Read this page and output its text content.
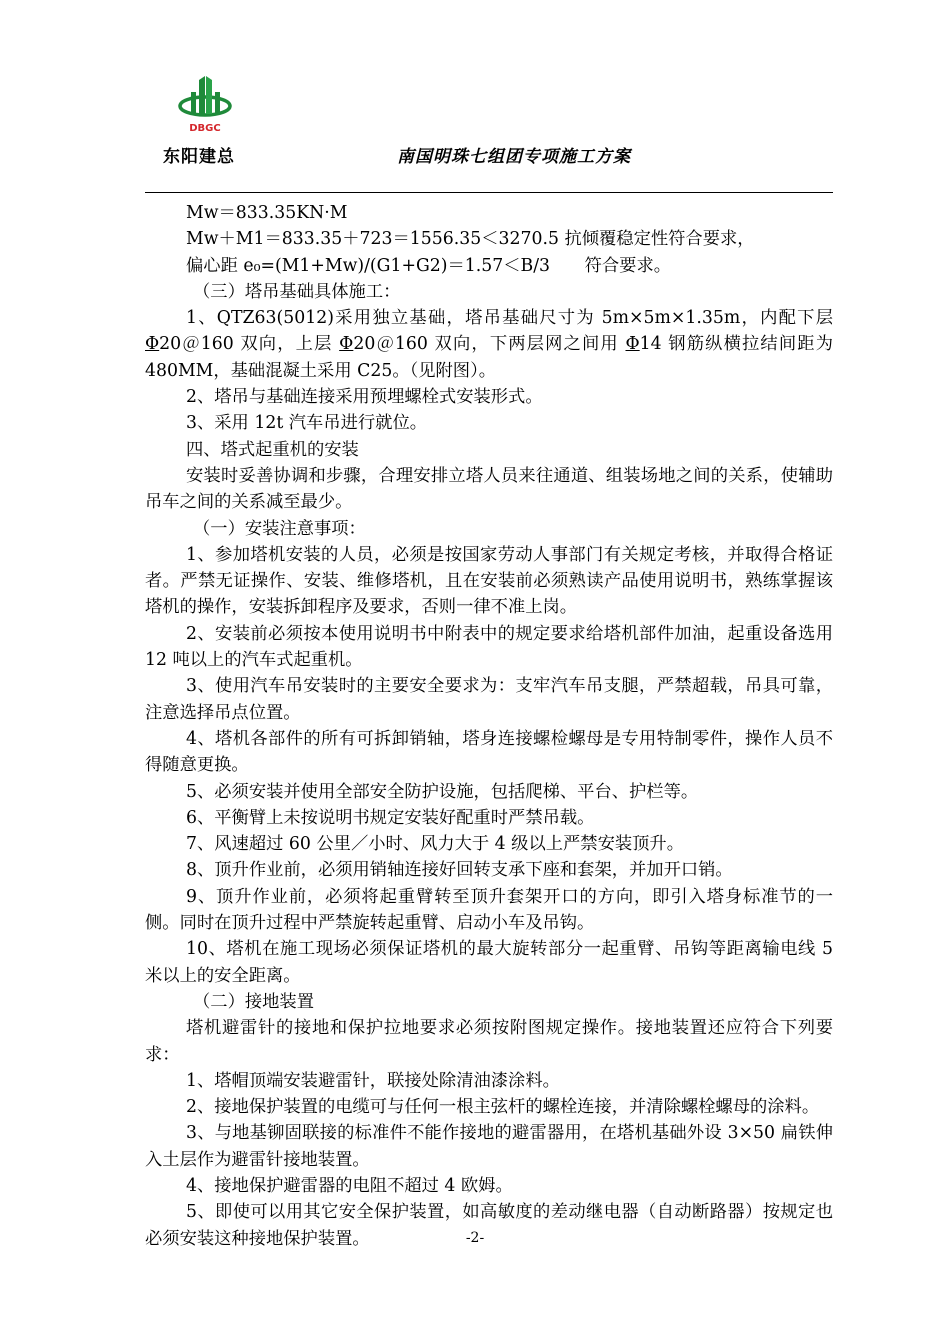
DBGC
东阳建总	南国明珠七组团专项施工方案

Mw＝833.35KN·M

Mw＋M1＝833.35＋723＝1556.35＜3270.5 抗倾覆稳定性符合要求，

偏心距 e₀=(M1+Mw)/(G1+G2)＝1.57＜B/3　　符合要求。

（三）塔吊基础具体施工：

1、QTZ63(5012)采用独立基础，塔吊基础尺寸为 5m×5m×1.35m，内配下层 Φ20＠160 双向，上层 Φ20＠160 双向，下两层网之间用 Φ14 钢筋纵横拉结间距为 480MM，基础混凝土采用 C25。（见附图）。

2、塔吊与基础连接采用预埋螺栓式安装形式。

3、采用 12t 汽车吊进行就位。

四、塔式起重机的安装

安装时妥善协调和步骤，合理安排立塔人员来往通道、组装场地之间的关系，使辅助吊车之间的关系减至最少。

（一）安装注意事项：

1、参加塔机安装的人员，必须是按国家劳动人事部门有关规定考核，并取得合格证者。严禁无证操作、安装、维修塔机，且在安装前必须熟读产品使用说明书，熟练掌握该塔机的操作，安装拆卸程序及要求，否则一律不准上岗。

2、安装前必须按本使用说明书中附表中的规定要求给塔机部件加油，起重设备选用 12 吨以上的汽车式起重机。

3、使用汽车吊安装时的主要安全要求为：支牢汽车吊支腿，严禁超载，吊具可靠，注意选择吊点位置。

4、塔机各部件的所有可拆卸销轴，塔身连接螺检螺母是专用特制零件，操作人员不得随意更换。

5、必须安装并使用全部安全防护设施，包括爬梯、平台、护栏等。

6、平衡臂上未按说明书规定安装好配重时严禁吊载。

7、风速超过 60 公里／小时、风力大于 4 级以上严禁安装顶升。

8、顶升作业前，必须用销轴连接好回转支承下座和套架，并加开口销。

9、顶升作业前，必须将起重臂转至顶升套架开口的方向，即引入塔身标准节的一侧。同时在顶升过程中严禁旋转起重臂、启动小车及吊钩。

10、塔机在施工现场必须保证塔机的最大旋转部分一起重臂、吊钩等距离输电线 5 米以上的安全距离。

（二）接地装置

塔机避雷针的接地和保护拉地要求必须按附图规定操作。接地装置还应符合下列要求：

1、塔帽顶端安装避雷针，联接处除清油漆涂料。

2、接地保护装置的电缆可与任何一根主弦杆的螺栓连接，并清除螺栓螺母的涂料。

3、与地基铆固联接的标准件不能作接地的避雷器用，在塔机基础外设 3×50 扁铁伸入土层作为避雷针接地装置。

4、接地保护避雷器的电阻不超过 4 欧姆。

5、即使可以用其它安全保护装置，如高敏度的差动继电器（自动断路器）按规定也必须安装这种接地保护装置。	-2-
